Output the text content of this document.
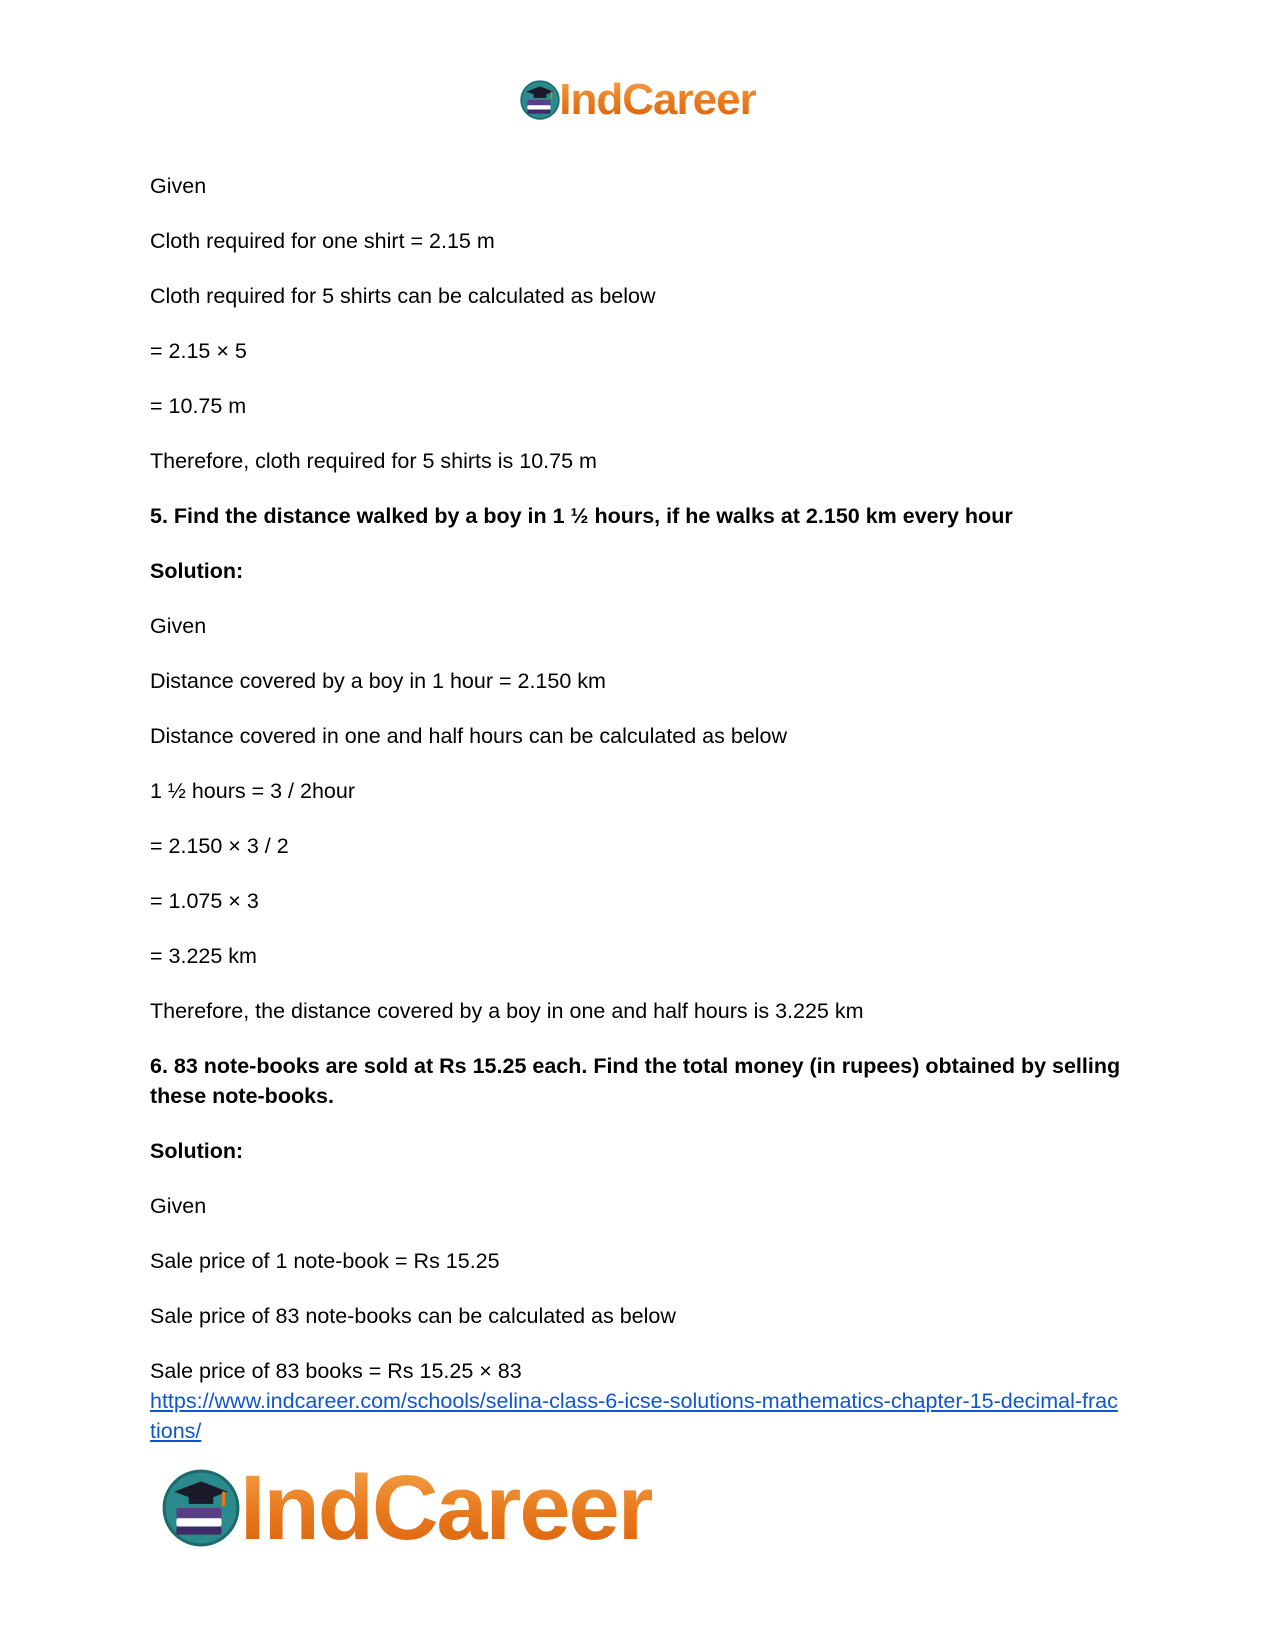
IndCareer

Given

Cloth required for one shirt = 2.15 m

Cloth required for 5 shirts can be calculated as below

= 2.15 × 5

= 10.75 m

Therefore, cloth required for 5 shirts is 10.75 m

5. Find the distance walked by a boy in 1 ½ hours, if he walks at 2.150 km every hour

Solution:

Given

Distance covered by a boy in 1 hour = 2.150 km

Distance covered in one and half hours can be calculated as below

1 ½ hours = 3 / 2hour

= 2.150 × 3 / 2

= 1.075 × 3

= 3.225 km

Therefore, the distance covered by a boy in one and half hours is 3.225 km

6. 83 note-books are sold at Rs 15.25 each. Find the total money (in rupees) obtained by selling these note-books.

Solution:

Given

Sale price of 1 note-book = Rs 15.25

Sale price of 83 note-books can be calculated as below

Sale price of 83 books = Rs 15.25 × 83

https://www.indcareer.com/schools/selina-class-6-icse-solutions-mathematics-chapter-15-decimal-fractions/
IndCareer
